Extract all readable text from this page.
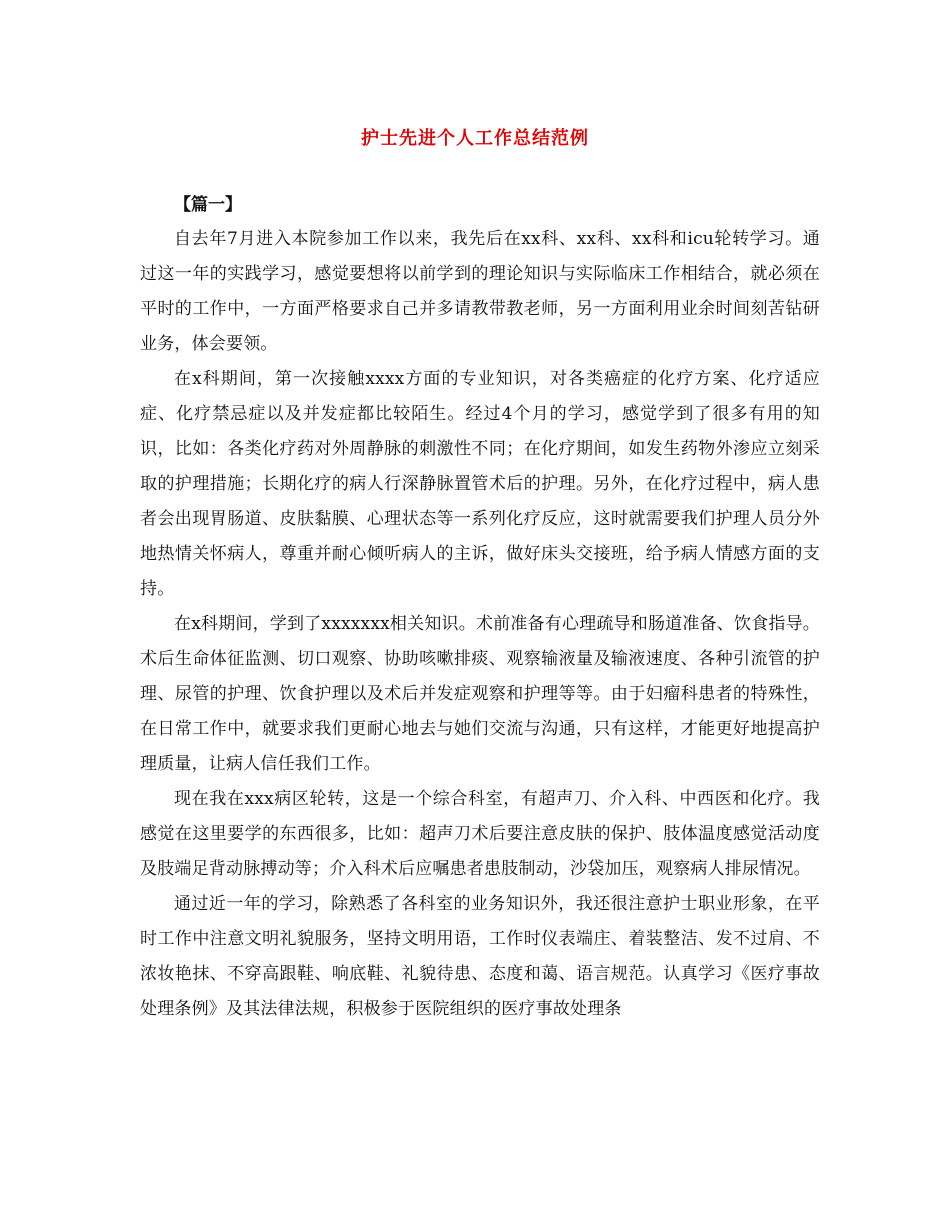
护士先进个人工作总结范例
【篇一】

自去年7月进入本院参加工作以来，我先后在xx科、xx科、xx科和icu轮转学习。通过这一年的实践学习，感觉要想将以前学到的理论知识与实际临床工作相结合，就必须在平时的工作中，一方面严格要求自己并多请教带教老师，另一方面利用业余时间刻苦钻研业务，体会要领。

在x科期间，第一次接触xxxx方面的专业知识，对各类癌症的化疗方案、化疗适应症、化疗禁忌症以及并发症都比较陌生。经过4个月的学习，感觉学到了很多有用的知识，比如：各类化疗药对外周静脉的刺激性不同；在化疗期间，如发生药物外渗应立刻采取的护理措施；长期化疗的病人行深静脉置管术后的护理。另外，在化疗过程中，病人患者会出现胃肠道、皮肤黏膜、心理状态等一系列化疗反应，这时就需要我们护理人员分外地热情关怀病人，尊重并耐心倾听病人的主诉，做好床头交接班，给予病人情感方面的支持。

在x科期间，学到了xxxxxxx相关知识。术前准备有心理疏导和肠道准备、饮食指导。术后生命体征监测、切口观察、协助咳嗽排痰、观察输液量及输液速度、各种引流管的护理、尿管的护理、饮食护理以及术后并发症观察和护理等等。由于妇瘤科患者的特殊性，在日常工作中，就要求我们更耐心地去与她们交流与沟通，只有这样，才能更好地提高护理质量，让病人信任我们工作。

现在我在xxx病区轮转，这是一个综合科室，有超声刀、介入科、中西医和化疗。我感觉在这里要学的东西很多，比如：超声刀术后要注意皮肤的保护、肢体温度感觉活动度及肢端足背动脉搏动等；介入科术后应嘱患者患肢制动，沙袋加压，观察病人排尿情况。

通过近一年的学习，除熟悉了各科室的业务知识外，我还很注意护士职业形象，在平时工作中注意文明礼貌服务，坚持文明用语，工作时仪表端庄、着装整洁、发不过肩、不浓妆艳抹、不穿高跟鞋、响底鞋、礼貌待患、态度和蔼、语言规范。认真学习《医疗事故处理条例》及其法律法规，积极参于医院组织的医疗事故处理条
